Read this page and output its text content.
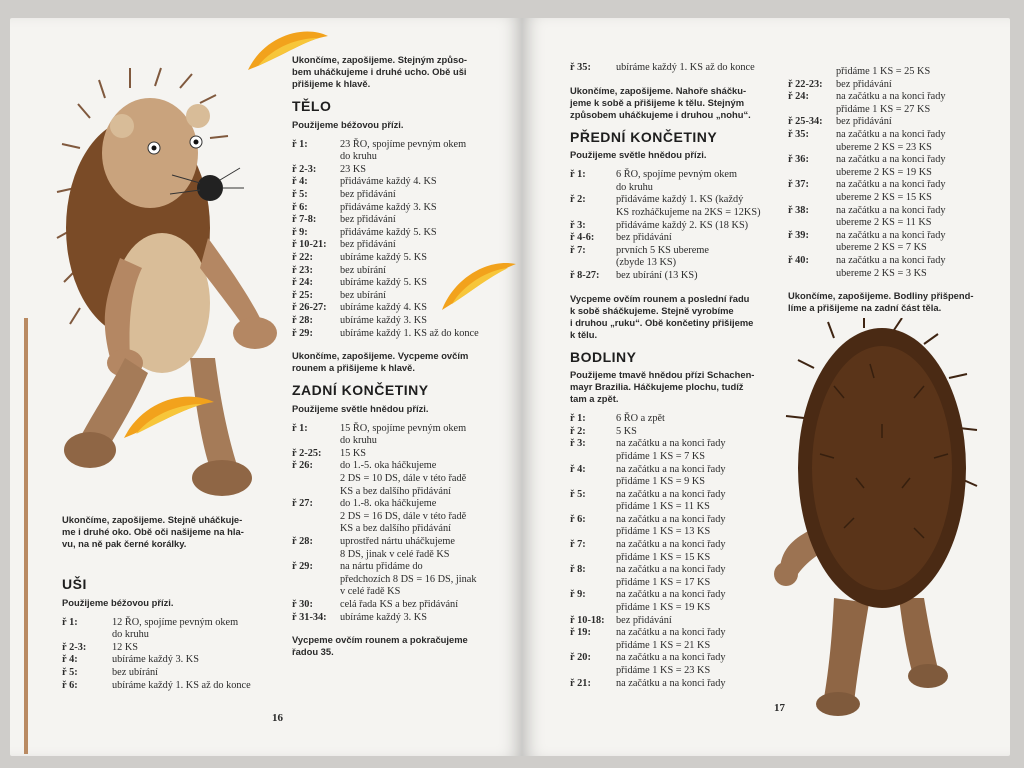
Ukončíme, zapošijeme. Stejně uháčkuje-
me i druhé oko. Obě oči našijeme na hla-
vu, na ně pak černé korálky.
UŠI
Použijeme béžovou přízi.
ř 1:	12 ŘO, spojíme pevným okem
do kruhu
ř 2-3:	12 KS
ř 4:	ubíráme každý 3. KS
ř 5:	bez ubírání
ř 6:	ubíráme každý 1. KS až do konce
Ukončíme, zapošijeme. Stejným způso-
bem uháčkujeme i druhé ucho. Obě uši
přišijeme k hlavě.
TĚLO
Použijeme béžovou přízi.
ř 1:	23 ŘO, spojíme pevným okem
do kruhu
ř 2-3:	23 KS
ř 4:	přidáváme každý 4. KS
ř 5:	bez přidávání
ř 6:	přidáváme každý 3. KS
ř 7-8:	bez přidávání
ř 9:	přidáváme každý 5. KS
ř 10-21:	bez přidávání
ř 22:	ubíráme každý 5. KS
ř 23:	bez ubírání
ř 24:	ubíráme každý 5. KS
ř 25:	bez ubírání
ř 26-27:	ubíráme každý 4. KS
ř 28:	ubíráme každý 3. KS
ř 29:	ubíráme každý 1. KS až do konce
Ukončíme, zapošijeme. Vycpeme ovčím
rounem a přišijeme k hlavě.
ZADNÍ KONČETINY
Použijeme světle hnědou přízi.
ř 1:	15 ŘO, spojíme pevným okem
do kruhu
ř 2-25:	15 KS
ř 26:	do 1.-5. oka háčkujeme
2 DS = 10 DS, dále v této řadě
KS a bez dalšího přidávání
ř 27:	do 1.-8. oka háčkujeme
2 DS = 16 DS, dále v této řadě
KS a bez dalšího přidávání
ř 28:	uprostřed nártu uháčkujeme
8 DS, jinak v celé řadě KS
ř 29:	na nártu přidáme do
předchozích 8 DS = 16 DS, jinak
v celé řadě KS
ř 30:	celá řada KS a bez přidávání
ř 31-34:	ubíráme každý 3. KS
Vycpeme ovčím rounem a pokračujeme
řadou 35.
16
ř 35:	ubíráme každý 1. KS až do konce
Ukončíme, zapošijeme. Nahoře sháčku-
jeme k sobě a přišijeme k tělu. Stejným
způsobem uháčkujeme i druhou „nohu“.
PŘEDNÍ KONČETINY
Použijeme světle hnědou přízi.
ř 1:	6 ŘO, spojíme pevným okem
do kruhu
ř 2:	přidáváme každý 1. KS (každý
KS rozháčkujeme na 2KS = 12KS)
ř 3:	přidáváme každý 2. KS (18 KS)
ř 4-6:	bez přidávání
ř 7:	prvních 5 KS ubereme
(zbyde 13 KS)
ř 8-27:	bez ubírání (13 KS)
Vycpeme ovčím rounem a poslední řadu
k sobě sháčkujeme. Stejně vyrobíme
i druhou „ruku“. Obě končetiny přišijeme
k tělu.
BODLINY
Použijeme tmavě hnědou přízi Schachen-
mayr Brazilia. Háčkujeme plochu, tudíž
tam a zpět.
ř 1:	6 ŘO a zpět
ř 2:	5 KS
ř 3:	na začátku a na konci řady
přidáme 1 KS = 7 KS
ř 4:	na začátku a na konci řady
přidáme 1 KS = 9 KS
ř 5:	na začátku a na konci řady
přidáme 1 KS = 11 KS
ř 6:	na začátku a na konci řady
přidáme 1 KS = 13 KS
ř 7:	na začátku a na konci řady
přidáme 1 KS = 15 KS
ř 8:	na začátku a na konci řady
přidáme 1 KS = 17 KS
ř 9:	na začátku a na konci řady
přidáme 1 KS = 19 KS
ř 10-18:	bez přidávání
ř 19:	na začátku a na konci řady
přidáme 1 KS = 21 KS
ř 20:	na začátku a na konci řady
přidáme 1 KS = 23 KS
ř 21:	na začátku a na konci řady
přidáme 1 KS = 25 KS
ř 22-23:	bez přidávání
ř 24:	na začátku a na konci řady
přidáme 1 KS = 27 KS
ř 25-34:	bez přidávání
ř 35:	na začátku a na konci řady
ubereme 2 KS = 23 KS
ř 36:	na začátku a na konci řady
ubereme 2 KS = 19 KS
ř 37:	na začátku a na konci řady
ubereme 2 KS = 15 KS
ř 38:	na začátku a na konci řady
ubereme 2 KS = 11 KS
ř 39:	na začátku a na konci řady
ubereme 2 KS = 7 KS
ř 40:	na začátku a na konci řady
ubereme 2 KS = 3 KS
Ukončíme, zapošijeme. Bodliny přišpend-
líme a přišijeme na zadní část těla.
17
